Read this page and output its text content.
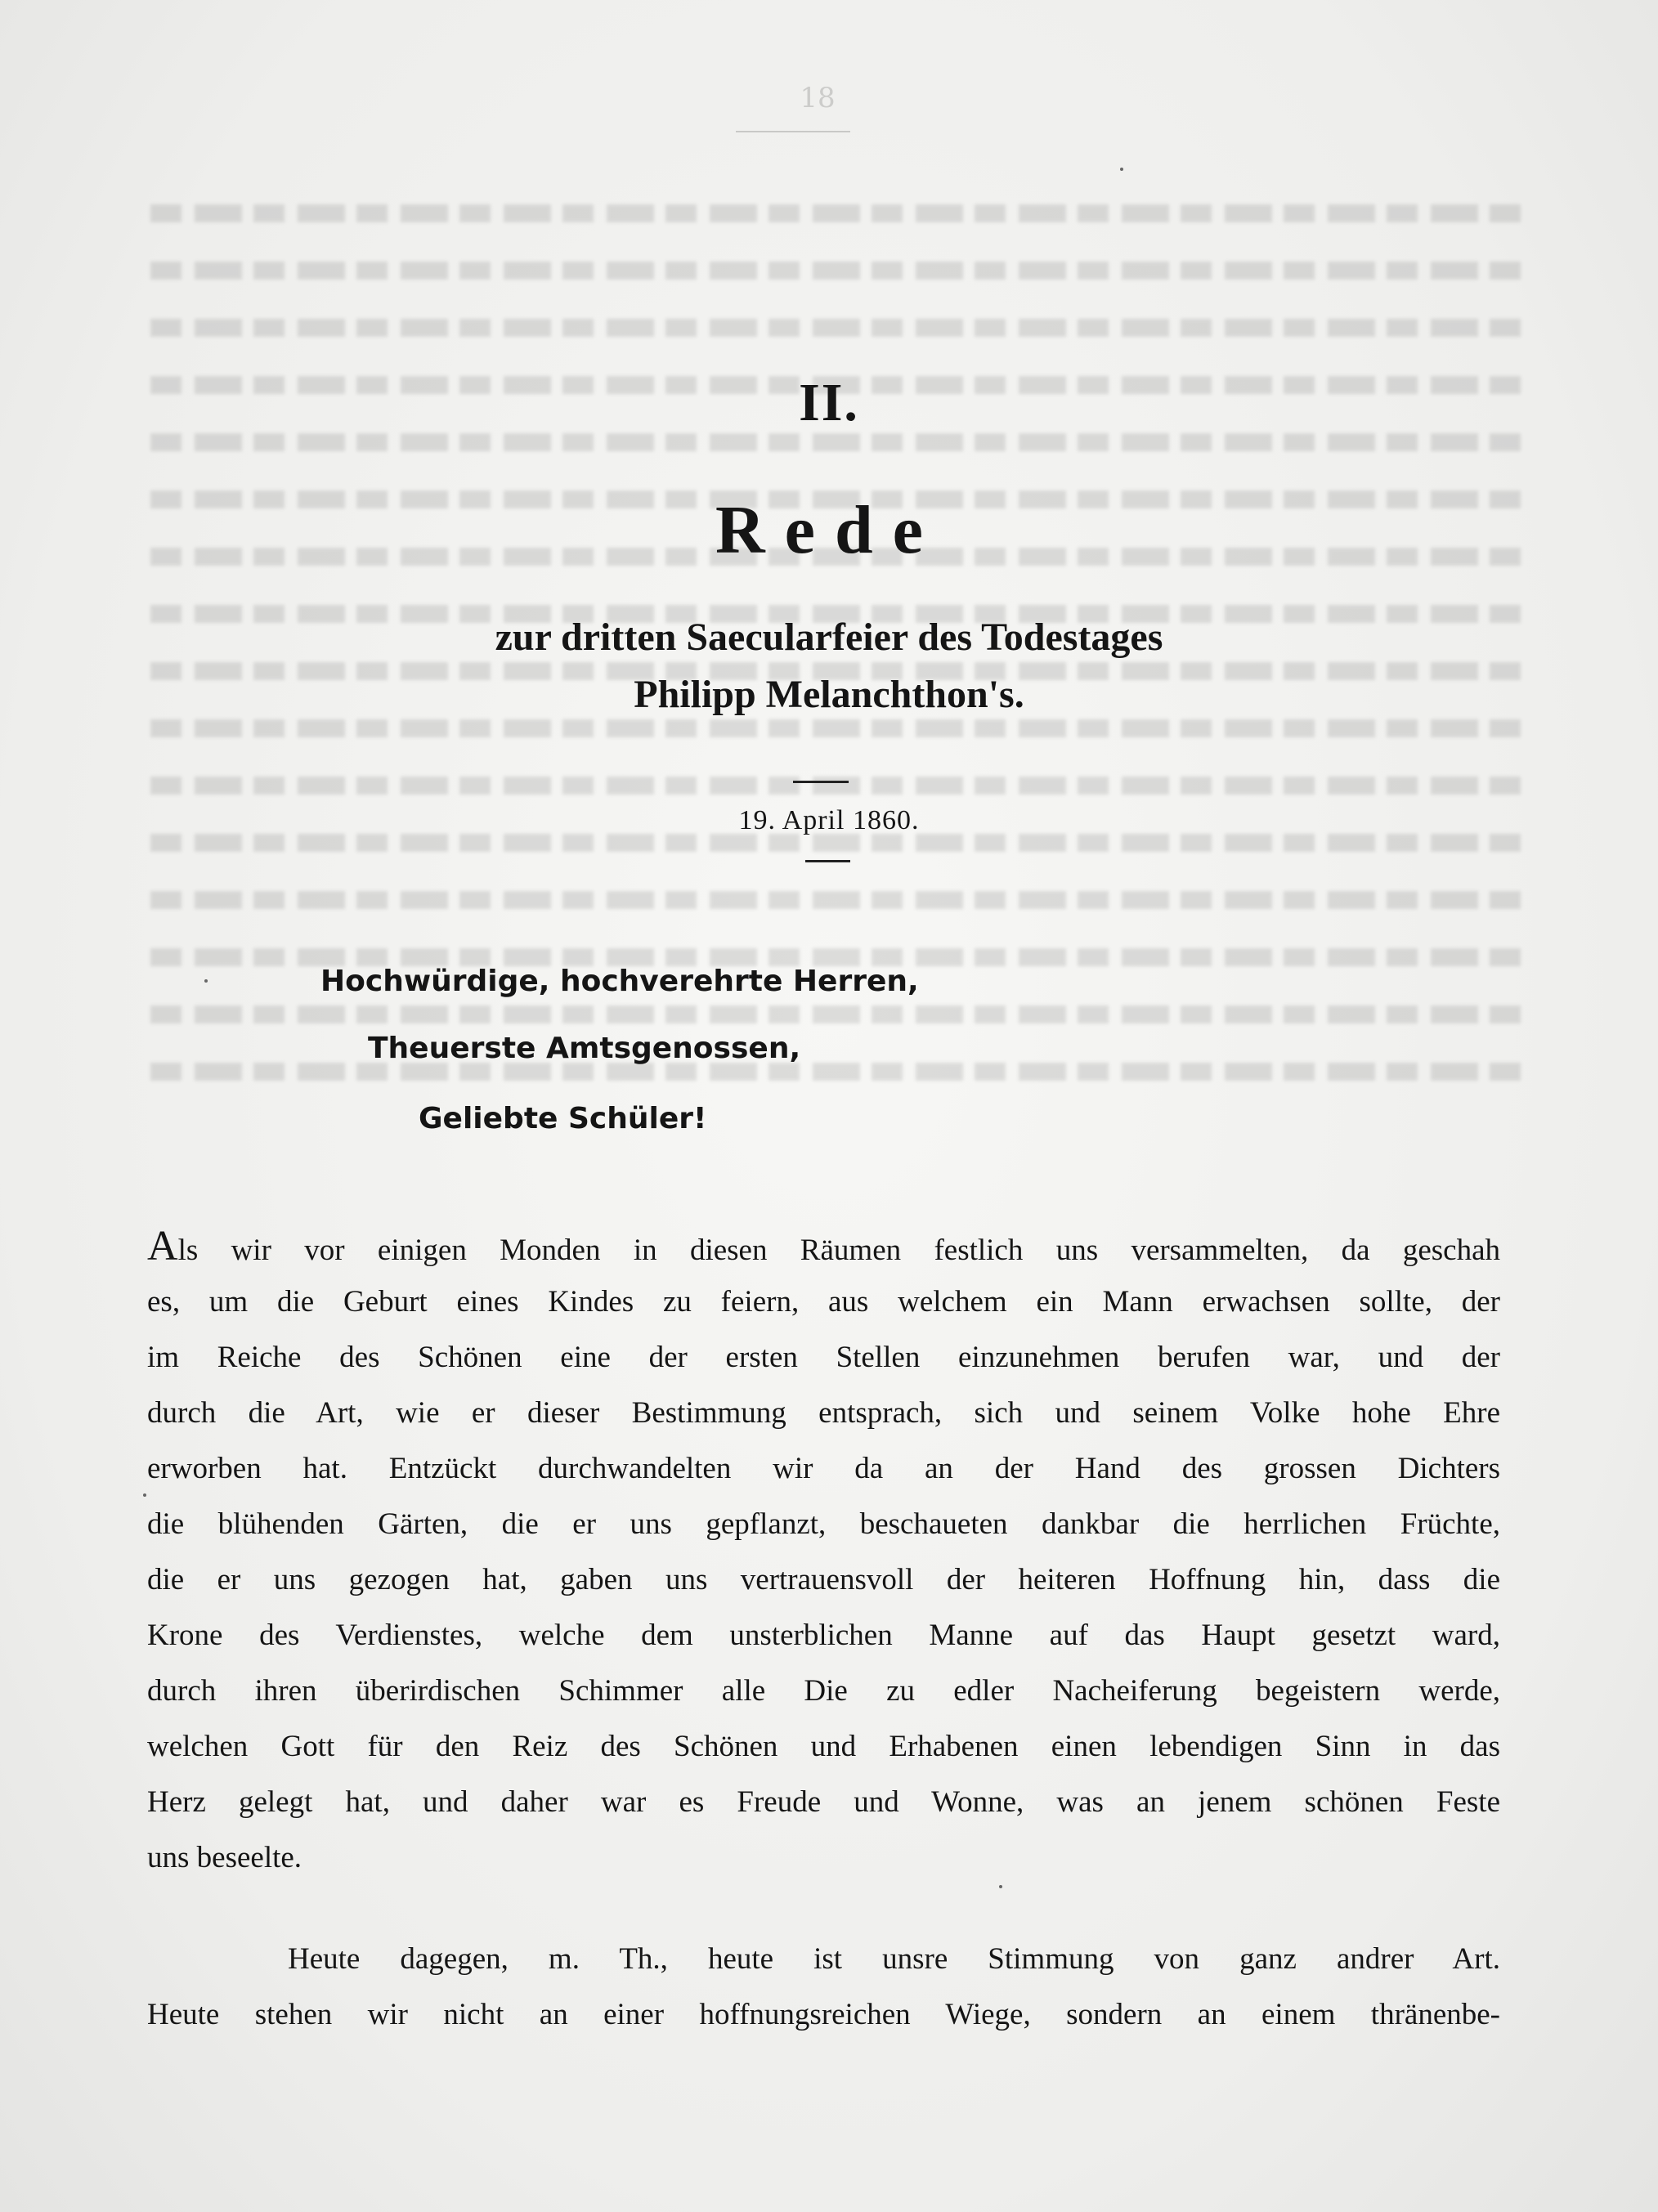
18
II.
Rede
zur dritten Saecularfeier des Todestages
Philipp Melanchthon's.
19. April 1860.
Hochwürdige, hochverehrte Herren,
Theuerste Amtsgenossen,
Geliebte Schüler!
Als wir vor einigen Monden in diesen Räumen festlich uns versammelten, da geschah
es, um die Geburt eines Kindes zu feiern, aus welchem ein Mann erwachsen sollte, der
im Reiche des Schönen eine der ersten Stellen einzunehmen berufen war, und der
durch die Art, wie er dieser Bestimmung entsprach, sich und seinem Volke hohe Ehre
erworben hat. Entzückt durchwandelten wir da an der Hand des grossen Dichters
die blühenden Gärten, die er uns gepflanzt, beschaueten dankbar die herrlichen Früchte,
die er uns gezogen hat, gaben uns vertrauensvoll der heiteren Hoffnung hin, dass die
Krone des Verdienstes, welche dem unsterblichen Manne auf das Haupt gesetzt ward,
durch ihren überirdischen Schimmer alle Die zu edler Nacheiferung begeistern werde,
welchen Gott für den Reiz des Schönen und Erhabenen einen lebendigen Sinn in das
Herz gelegt hat, und daher war es Freude und Wonne, was an jenem schönen Feste
uns beseelte.
Heute dagegen, m. Th., heute ist unsre Stimmung von ganz andrer Art.
Heute stehen wir nicht an einer hoffnungsreichen Wiege, sondern an einem thränenbe-
